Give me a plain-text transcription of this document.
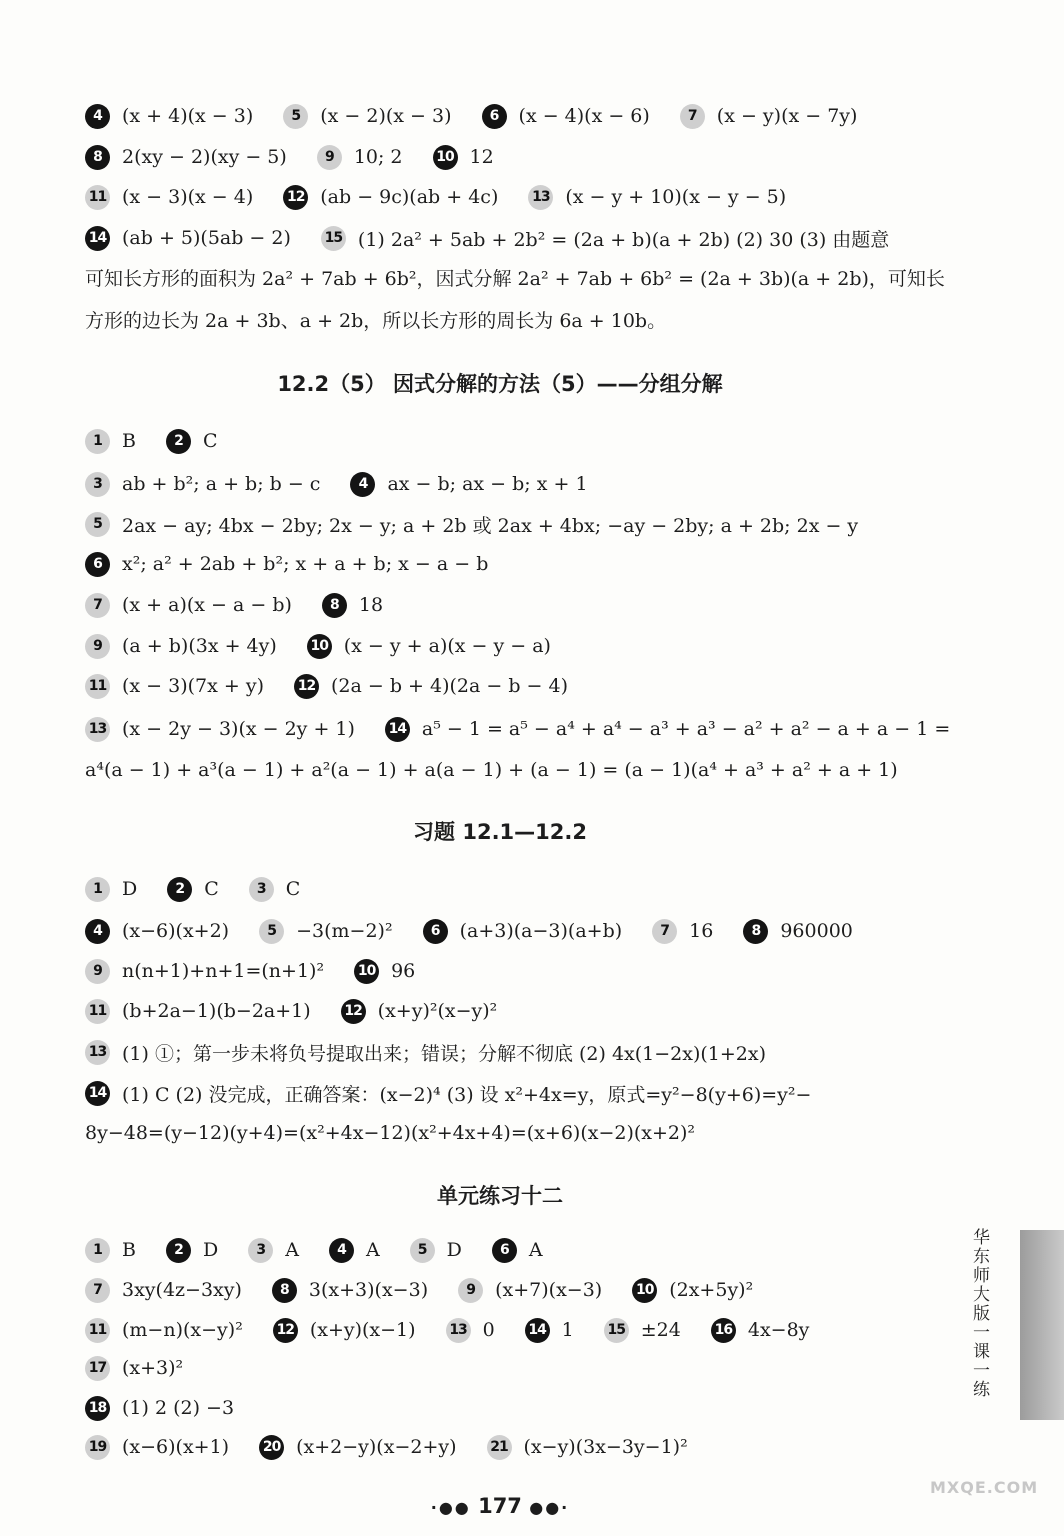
4	(x + 4)(x − 3)	5	(x − 2)(x − 3)	6	(x − 4)(x − 6)	7	(x − y)(x − 7y)
8	2(xy − 2)(xy − 5)	9	10; 2 10 12
11 (x − 3)(x − 4) 12 (ab − 9c)(ab + 4c) 13 (x − y + 10)(x − y − 5)
14 (ab + 5)(5ab − 2) 15 (1) 2a² + 5ab + 2b² = (2a + b)(a + 2b) (2) 30 (3) 由题意
可知长方形的面积为 2a² + 7ab + 6b²，因式分解 2a² + 7ab + 6b² = (2a + 3b)(a + 2b)，可知长
方形的边长为 2a + 3b、a + 2b，所以长方形的周长为 6a + 10b。
12.2（5） 因式分解的方法（5）——分组分解
1	B	2	C
3	ab + b²; a + b; b − c	4	ax − b; ax − b; x + 1
5	2ax − ay; 4bx − 2by; 2x − y; a + 2b 或 2ax + 4bx; −ay − 2by; a + 2b; 2x − y
6	x²; a² + 2ab + b²; x + a + b; x − a − b
7	(x + a)(x − a − b)	8	18
9	(a + b)(3x + 4y) 10 (x − y + a)(x − y − a)
11 (x − 3)(7x + y) 12 (2a − b + 4)(2a − b − 4)
13 (x − 2y − 3)(x − 2y + 1) 14 a⁵ − 1 = a⁵ − a⁴ + a⁴ − a³ + a³ − a² + a² − a + a − 1 =
a⁴(a − 1) + a³(a − 1) + a²(a − 1) + a(a − 1) + (a − 1) = (a − 1)(a⁴ + a³ + a² + a + 1)
习题 12.1—12.2
1	D	2	C	3	C
4	(x−6)(x+2)	5	−3(m−2)²	6	(a+3)(a−3)(a+b)	7	16	8	960000
9	n(n+1)+n+1=(n+1)² 10 96
11 (b+2a−1)(b−2a+1) 12 (x+y)²(x−y)²
13 (1) ①；第一步未将负号提取出来；错误；分解不彻底 (2) 4x(1−2x)(1+2x)
14 (1) C (2) 没完成，正确答案：(x−2)⁴ (3) 设 x²+4x=y，原式=y²−8(y+6)=y²−
8y−48=(y−12)(y+4)=(x²+4x−12)(x²+4x+4)=(x+6)(x−2)(x+2)²
单元练习十二
1	B	2	D	3	A	4	A	5	D	6	A
7	3xy(4z−3xy)	8	3(x+3)(x−3)	9	(x+7)(x−3) 10 (2x+5y)²
11 (m−n)(x−y)² 12 (x+y)(x−1) 13 0 14 1 15 ±24 16 4x−8y
17 (x+3)²
18 (1) 2 (2) −3
19 (x−6)(x+1) 20 (x+2−y)(x−2+y) 21 (x−y)(3x−3y−1)²
华东师大版一课一练
·●● 177 ●●·
MXQE.COM
